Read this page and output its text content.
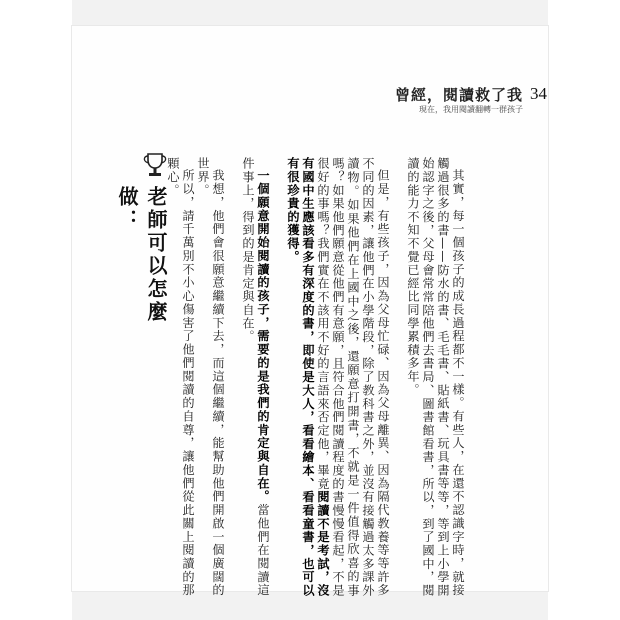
曾經，閱讀救了我
現在，我用閱讀翻轉一群孩子
34
老師可以怎麼做：	其實，每一個孩子的成長過程都不一樣。有些人，在還不認識字時，就接觸過很多的書——防水的書、毛毛書、貼紙書、玩具書等等，等到上小學開始認字之後，父母會常常陪他們去書局、圖書館看書，所以，到了國中，閱讀的能力不知不覺已經比同學累積多年。

但是，有些孩子，因為父母忙碌、因為父母離異、因為隔代教養等等許多不同的因素，讓他們在小學階段，除了教科書之外，並沒有接觸過太多課外讀物。如果他們在上國中之後，還願意打開書，不就是一件值得欣喜的事嗎？如果他們願意從他們有意願，且符合他們閱讀程度的書慢慢看起，不是很好的事嗎？我們實在不該用不好的言語來否定他，畢竟閱讀不是考試，沒有國中生應該看多有深度的書，即使是大人，看看繪本、看看童書，也可以有很珍貴的獲得。

一個願意開始閱讀的孩子，需要的是我們的肯定與自在。當他們在閱讀這件事上，得到的是肯定與自在。

我想，他們會很願意繼續下去，而這個繼續，能幫助他們開啟一個廣闊的世界。

所以，請千萬別不小心傷害了他們閱讀的自尊，讓他們從此關上閱讀的那顆心。
